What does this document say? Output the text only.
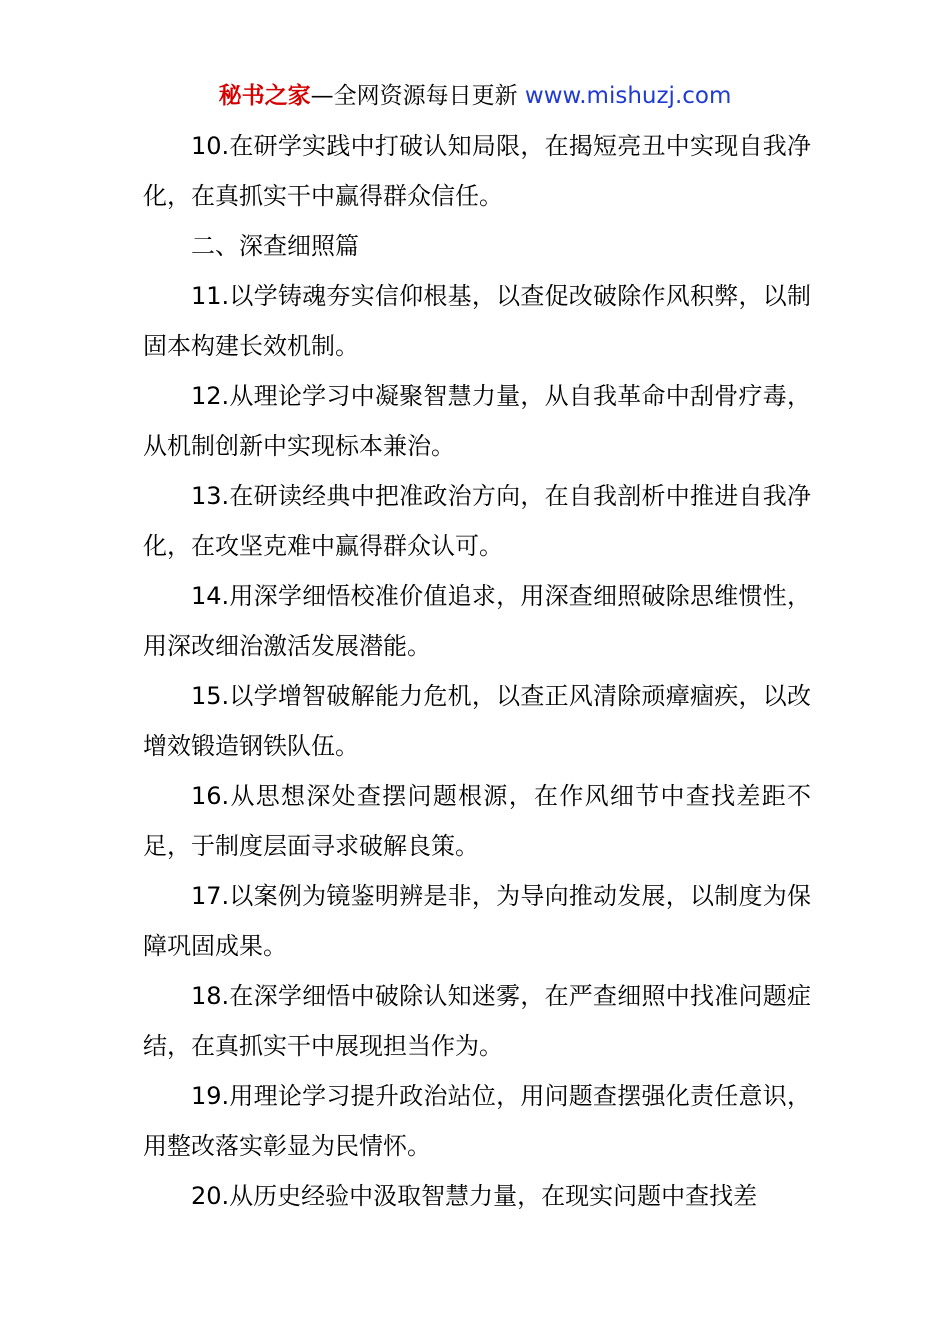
秘书之家—全网资源每日更新 www.mishuzj.com

10.在研学实践中打破认知局限，在揭短亮丑中实现自我净化，在真抓实干中赢得群众信任。

二、深查细照篇

11.以学铸魂夯实信仰根基，以查促改破除作风积弊，以制固本构建长效机制。

12.从理论学习中凝聚智慧力量，从自我革命中刮骨疗毒，从机制创新中实现标本兼治。

13.在研读经典中把准政治方向，在自我剖析中推进自我净化，在攻坚克难中赢得群众认可。

14.用深学细悟校准价值追求，用深查细照破除思维惯性，用深改细治激活发展潜能。

15.以学增智破解能力危机，以查正风清除顽瘴痼疾，以改增效锻造钢铁队伍。

16.从思想深处查摆问题根源，在作风细节中查找差距不足，于制度层面寻求破解良策。

17.以案例为镜鉴明辨是非，为导向推动发展，以制度为保障巩固成果。

18.在深学细悟中破除认知迷雾，在严查细照中找准问题症结，在真抓实干中展现担当作为。

19.用理论学习提升政治站位，用问题查摆强化责任意识，用整改落实彰显为民情怀。

20.从历史经验中汲取智慧力量，在现实问题中查找差
